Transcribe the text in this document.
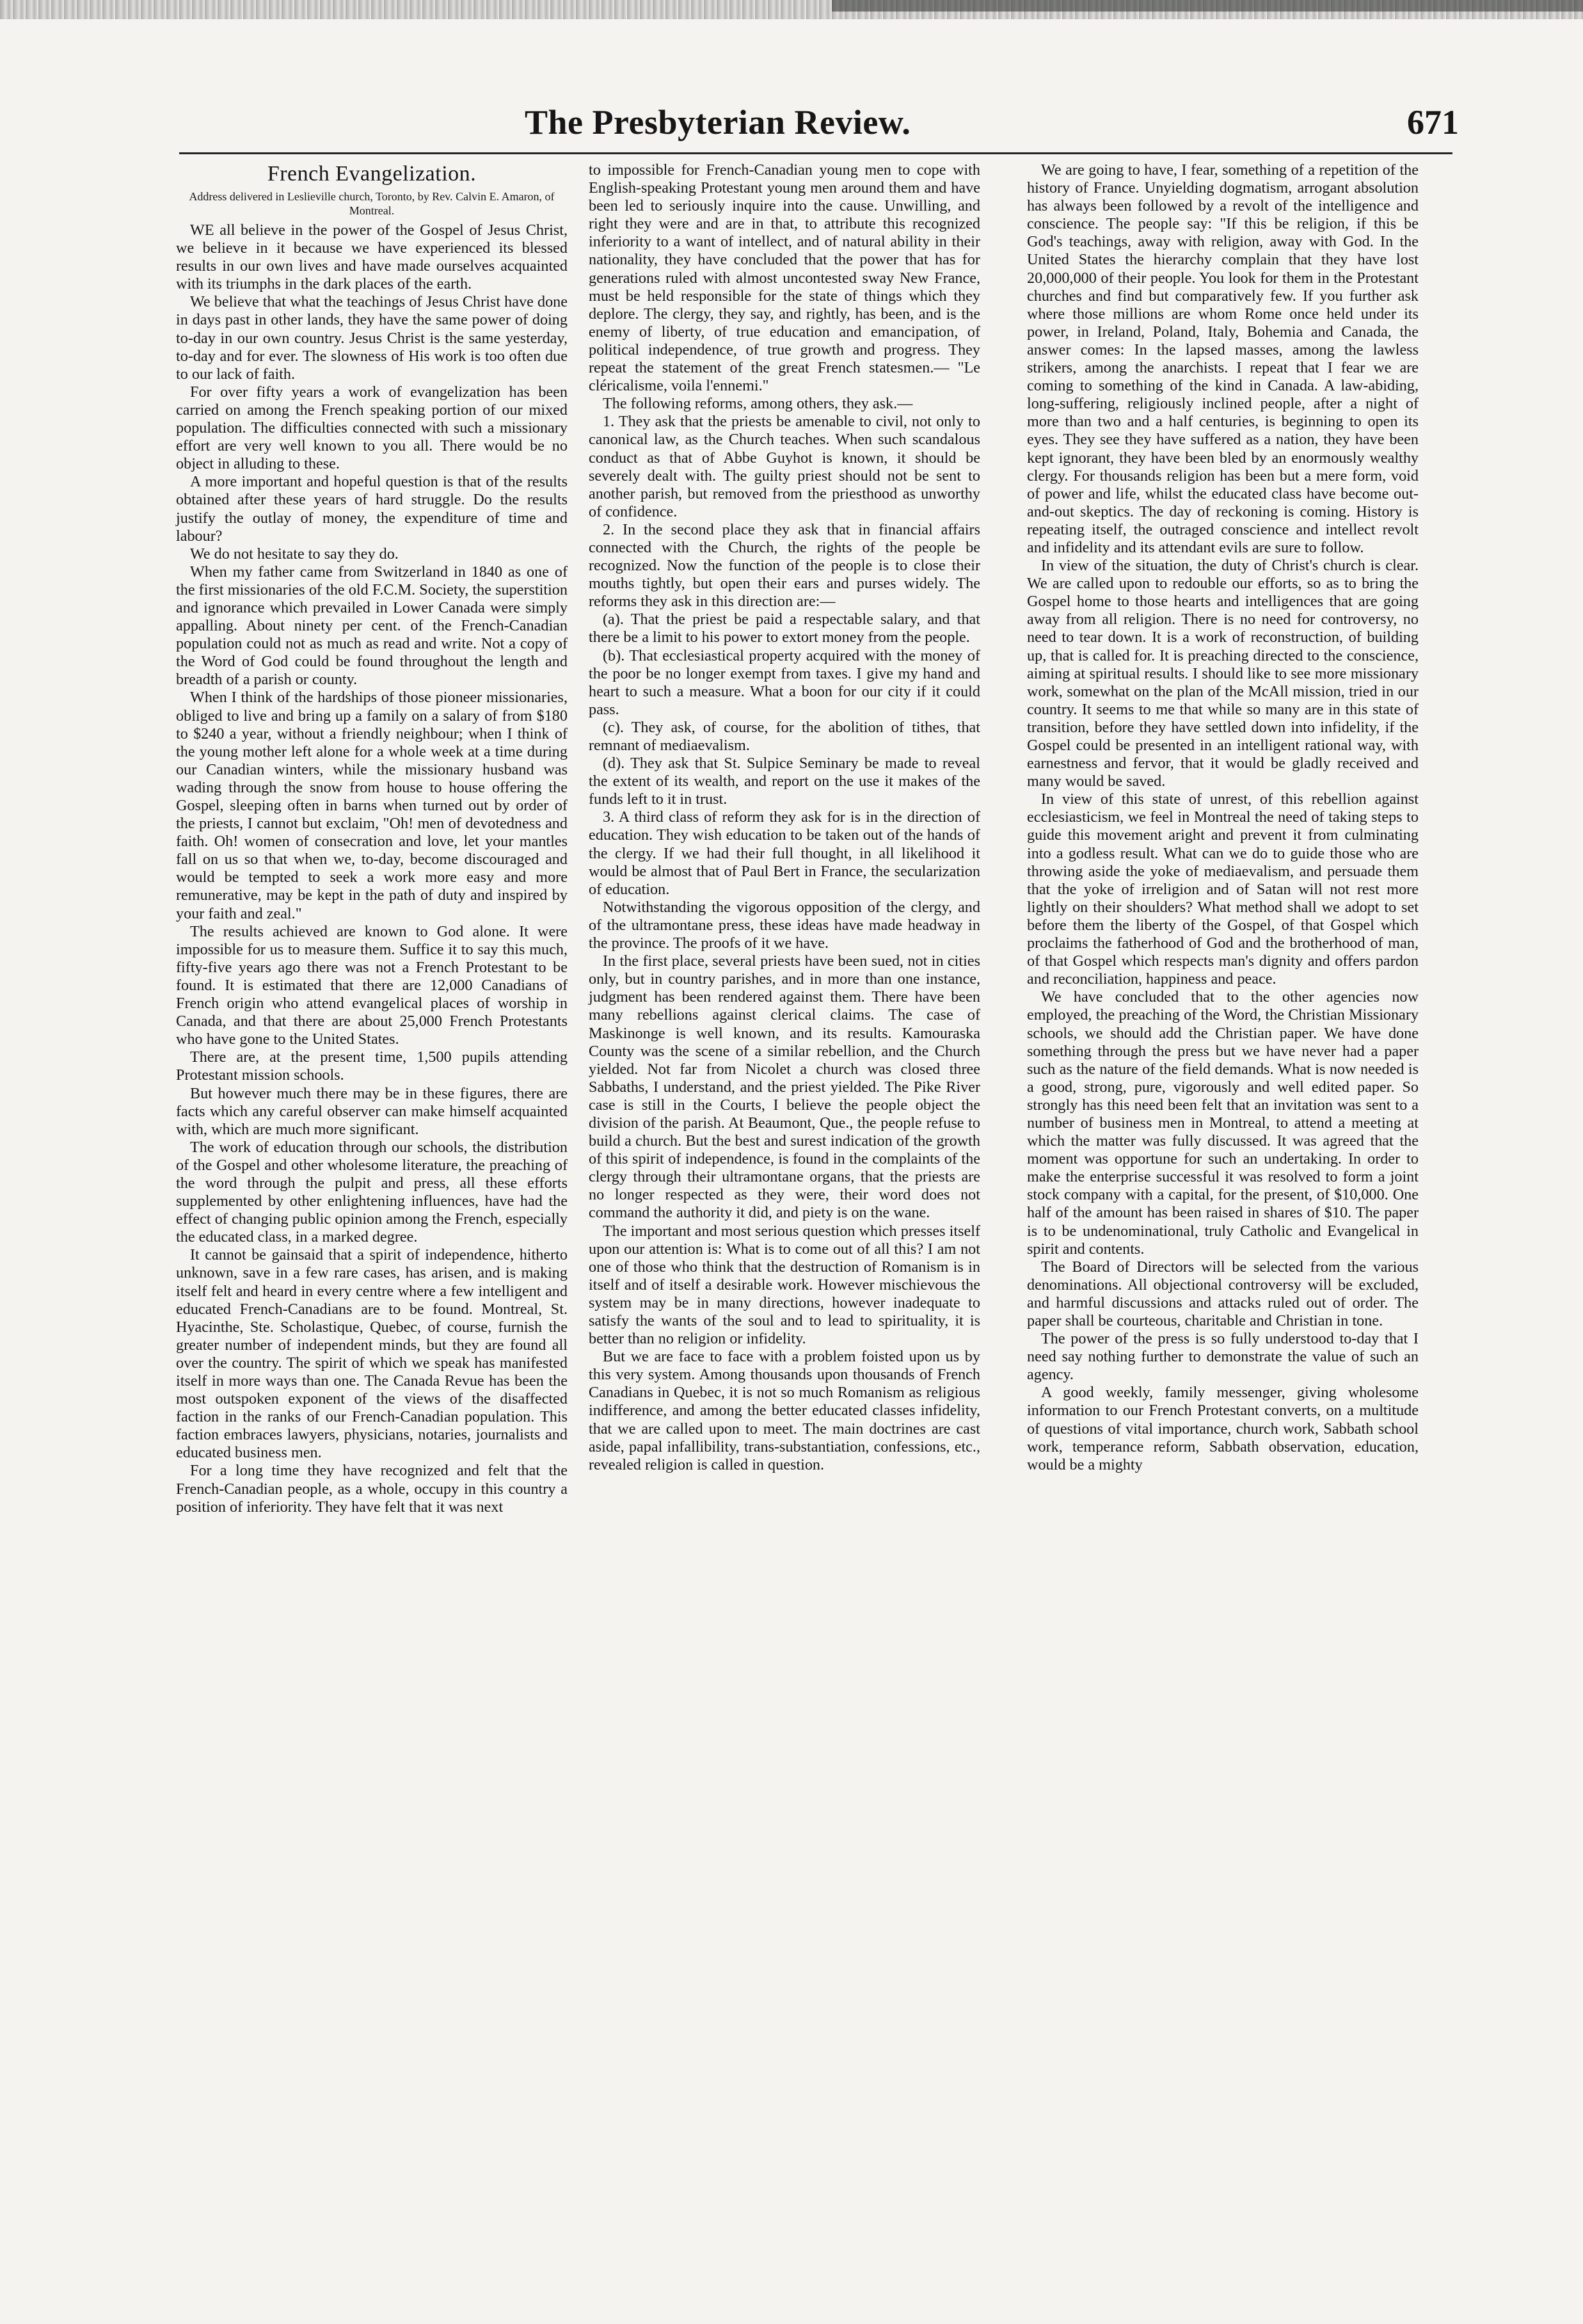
The Presbyterian Review.	671
French Evangelization.
Address delivered in Leslieville church, Toronto, by Rev. Calvin E. Amaron, of Montreal.

WE all believe in the power of the Gospel of Jesus Christ, we believe in it because we have experienced its blessed results in our own lives and have made ourselves acquainted with its triumphs in the dark places of the earth.

We believe that what the teachings of Jesus Christ have done in days past in other lands, they have the same power of doing to-day in our own country. Jesus Christ is the same yesterday, to-day and for ever. The slowness of His work is too often due to our lack of faith.

For over fifty years a work of evangelization has been carried on among the French speaking portion of our mixed population. The difficulties connected with such a missionary effort are very well known to you all. There would be no object in alluding to these.

A more important and hopeful question is that of the results obtained after these years of hard struggle. Do the results justify the outlay of money, the expenditure of time and labour?

We do not hesitate to say they do.

When my father came from Switzerland in 1840 as one of the first missionaries of the old F.C.M. Society, the superstition and ignorance which prevailed in Lower Canada were simply appalling. About ninety per cent. of the French-Canadian population could not as much as read and write. Not a copy of the Word of God could be found throughout the length and breadth of a parish or county.

When I think of the hardships of those pioneer missionaries, obliged to live and bring up a family on a salary of from $180 to $240 a year, without a friendly neighbour; when I think of the young mother left alone for a whole week at a time during our Canadian winters, while the missionary husband was wading through the snow from house to house offering the Gospel, sleeping often in barns when turned out by order of the priests, I cannot but exclaim, "Oh! men of devotedness and faith. Oh! women of consecration and love, let your mantles fall on us so that when we, to-day, become discouraged and would be tempted to seek a work more easy and more remunerative, may be kept in the path of duty and inspired by your faith and zeal."

The results achieved are known to God alone. It were impossible for us to measure them. Suffice it to say this much, fifty-five years ago there was not a French Protestant to be found. It is estimated that there are 12,000 Canadians of French origin who attend evangelical places of worship in Canada, and that there are about 25,000 French Protestants who have gone to the United States.

There are, at the present time, 1,500 pupils attending Protestant mission schools.

But however much there may be in these figures, there are facts which any careful observer can make himself acquainted with, which are much more significant.

The work of education through our schools, the distribution of the Gospel and other wholesome literature, the preaching of the word through the pulpit and press, all these efforts supplemented by other enlightening influences, have had the effect of changing public opinion among the French, especially the educated class, in a marked degree.

It cannot be gainsaid that a spirit of independence, hitherto unknown, save in a few rare cases, has arisen, and is making itself felt and heard in every centre where a few intelligent and educated French-Canadians are to be found. Montreal, St. Hyacinthe, Ste. Scholastique, Quebec, of course, furnish the greater number of independent minds, but they are found all over the country. The spirit of which we speak has manifested itself in more ways than one. The Canada Revue has been the most outspoken exponent of the views of the disaffected faction in the ranks of our French-Canadian population. This faction embraces lawyers, physicians, notaries, journalists and educated business men.

For a long time they have recognized and felt that the French-Canadian people, as a whole, occupy in this country a position of inferiority. They have felt that it was next

to impossible for French-Canadian young men to cope with English-speaking Protestant young men around them and have been led to seriously inquire into the cause. Unwilling, and right they were and are in that, to attribute this recognized inferiority to a want of intellect, and of natural ability in their nationality, they have concluded that the power that has for generations ruled with almost uncontested sway New France, must be held responsible for the state of things which they deplore. The clergy, they say, and rightly, has been, and is the enemy of liberty, of true education and emancipation, of political independence, of true growth and progress. They repeat the statement of the great French statesmen.— "Le cléricalisme, voila l'ennemi."

The following reforms, among others, they ask.—

1. They ask that the priests be amenable to civil, not only to canonical law, as the Church teaches. When such scandalous conduct as that of Abbe Guyhot is known, it should be severely dealt with. The guilty priest should not be sent to another parish, but removed from the priesthood as unworthy of confidence.

2. In the second place they ask that in financial affairs connected with the Church, the rights of the people be recognized. Now the function of the people is to close their mouths tightly, but open their ears and purses widely. The reforms they ask in this direction are:—

(a). That the priest be paid a respectable salary, and that there be a limit to his power to extort money from the people.

(b). That ecclesiastical property acquired with the money of the poor be no longer exempt from taxes. I give my hand and heart to such a measure. What a boon for our city if it could pass.

(c). They ask, of course, for the abolition of tithes, that remnant of mediaevalism.

(d). They ask that St. Sulpice Seminary be made to reveal the extent of its wealth, and report on the use it makes of the funds left to it in trust.

3. A third class of reform they ask for is in the direction of education. They wish education to be taken out of the hands of the clergy. If we had their full thought, in all likelihood it would be almost that of Paul Bert in France, the secularization of education.

Notwithstanding the vigorous opposition of the clergy, and of the ultramontane press, these ideas have made headway in the province. The proofs of it we have.

In the first place, several priests have been sued, not in cities only, but in country parishes, and in more than one instance, judgment has been rendered against them. There have been many rebellions against clerical claims. The case of Maskinonge is well known, and its results. Kamouraska County was the scene of a similar rebellion, and the Church yielded. Not far from Nicolet a church was closed three Sabbaths, I understand, and the priest yielded. The Pike River case is still in the Courts, I believe the people object the division of the parish. At Beaumont, Que., the people refuse to build a church. But the best and surest indication of the growth of this spirit of independence, is found in the complaints of the clergy through their ultramontane organs, that the priests are no longer respected as they were, their word does not command the authority it did, and piety is on the wane.

The important and most serious question which presses itself upon our attention is: What is to come out of all this? I am not one of those who think that the destruction of Romanism is in itself and of itself a desirable work. However mischievous the system may be in many directions, however inadequate to satisfy the wants of the soul and to lead to spirituality, it is better than no religion or infidelity.

But we are face to face with a problem foisted upon us by this very system. Among thousands upon thousands of French Canadians in Quebec, it is not so much Romanism as religious indifference, and among the better educated classes infidelity, that we are called upon to meet. The main doctrines are cast aside, papal infallibility, trans-substantiation, confessions, etc., revealed religion is called in question.

We are going to have, I fear, something of a repetition of the history of France. Unyielding dogmatism, arrogant absolution has always been followed by a revolt of the intelligence and conscience. The people say: "If this be religion, if this be God's teachings, away with religion, away with God. In the United States the hierarchy complain that they have lost 20,000,000 of their people. You look for them in the Protestant churches and find but comparatively few. If you further ask where those millions are whom Rome once held under its power, in Ireland, Poland, Italy, Bohemia and Canada, the answer comes: In the lapsed masses, among the lawless strikers, among the anarchists. I repeat that I fear we are coming to something of the kind in Canada. A law-abiding, long-suffering, religiously inclined people, after a night of more than two and a half centuries, is beginning to open its eyes. They see they have suffered as a nation, they have been kept ignorant, they have been bled by an enormously wealthy clergy. For thousands religion has been but a mere form, void of power and life, whilst the educated class have become out-and-out skeptics. The day of reckoning is coming. History is repeating itself, the outraged conscience and intellect revolt and infidelity and its attendant evils are sure to follow.

In view of the situation, the duty of Christ's church is clear. We are called upon to redouble our efforts, so as to bring the Gospel home to those hearts and intelligences that are going away from all religion. There is no need for controversy, no need to tear down. It is a work of reconstruction, of building up, that is called for. It is preaching directed to the conscience, aiming at spiritual results. I should like to see more missionary work, somewhat on the plan of the McAll mission, tried in our country. It seems to me that while so many are in this state of transition, before they have settled down into infidelity, if the Gospel could be presented in an intelligent rational way, with earnestness and fervor, that it would be gladly received and many would be saved.

In view of this state of unrest, of this rebellion against ecclesiasticism, we feel in Montreal the need of taking steps to guide this movement aright and prevent it from culminating into a godless result. What can we do to guide those who are throwing aside the yoke of mediaevalism, and persuade them that the yoke of irreligion and of Satan will not rest more lightly on their shoulders? What method shall we adopt to set before them the liberty of the Gospel, of that Gospel which proclaims the fatherhood of God and the brotherhood of man, of that Gospel which respects man's dignity and offers pardon and reconciliation, happiness and peace.

We have concluded that to the other agencies now employed, the preaching of the Word, the Christian Missionary schools, we should add the Christian paper. We have done something through the press but we have never had a paper such as the nature of the field demands. What is now needed is a good, strong, pure, vigorously and well edited paper. So strongly has this need been felt that an invitation was sent to a number of business men in Montreal, to attend a meeting at which the matter was fully discussed. It was agreed that the moment was opportune for such an undertaking. In order to make the enterprise successful it was resolved to form a joint stock company with a capital, for the present, of $10,000. One half of the amount has been raised in shares of $10. The paper is to be undenominational, truly Catholic and Evangelical in spirit and contents.

The Board of Directors will be selected from the various denominations. All objectional controversy will be excluded, and harmful discussions and attacks ruled out of order. The paper shall be courteous, charitable and Christian in tone.

The power of the press is so fully understood to-day that I need say nothing further to demonstrate the value of such an agency.

A good weekly, family messenger, giving wholesome information to our French Protestant converts, on a multitude of questions of vital importance, church work, Sabbath school work, temperance reform, Sabbath observation, education, would be a mighty
